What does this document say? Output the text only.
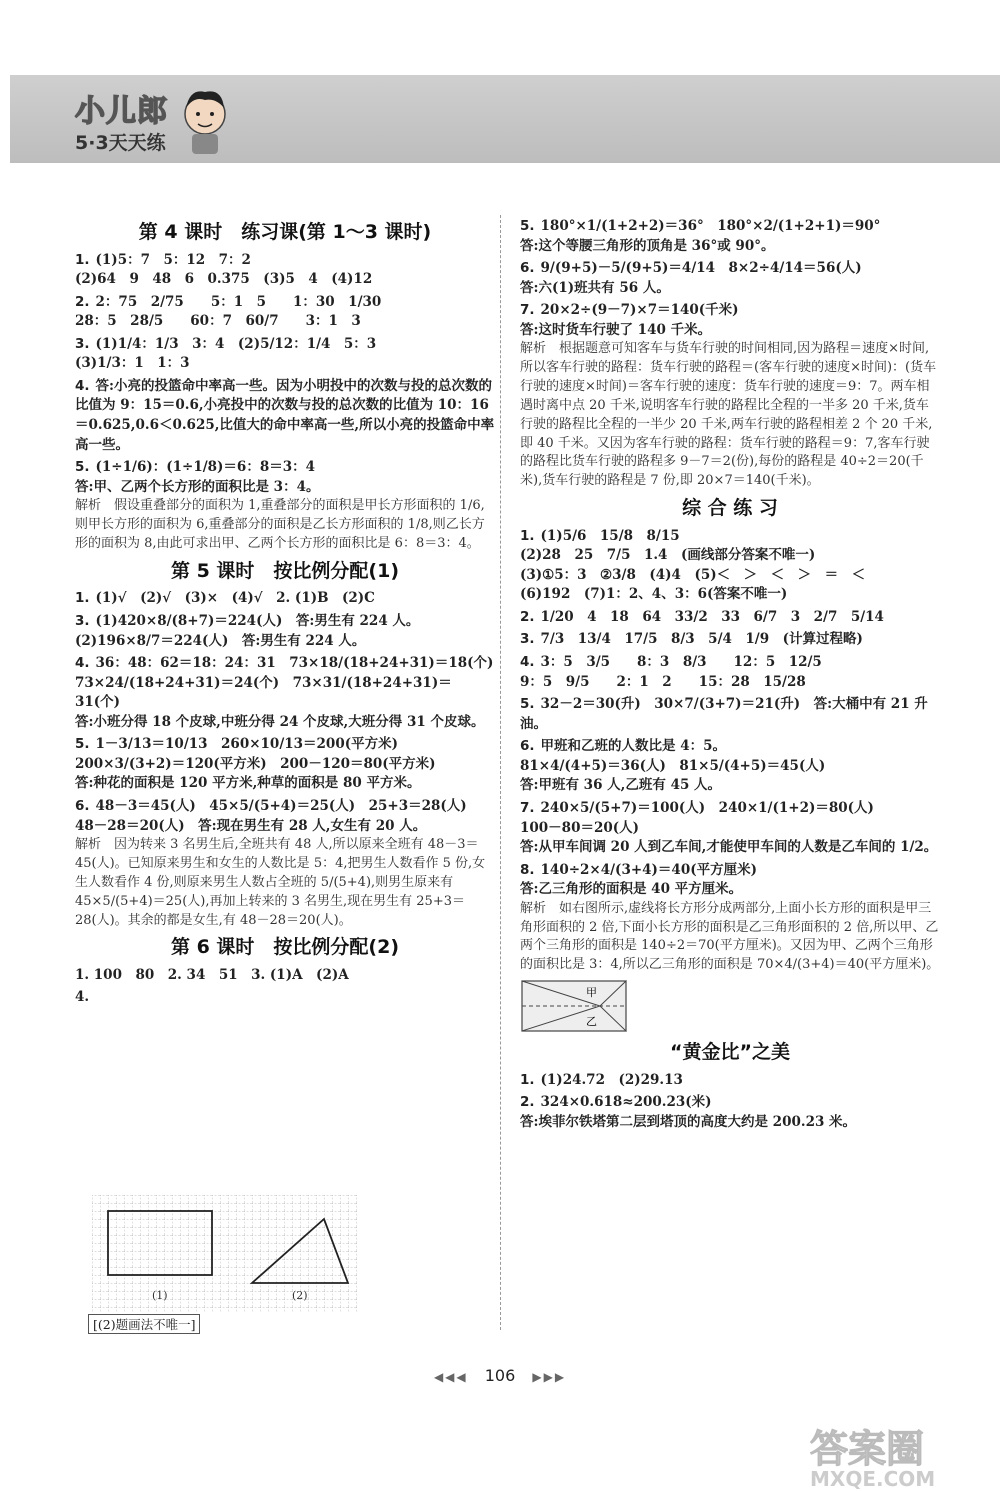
小儿郎
5·3天天练
第 4 课时　练习课(第 1～3 课时)
1. (1)5：7　5：12　7：2
(2)64　9　48　6　0.375　(3)5　4　(4)12
2. 2：75　2/75　　5：1　5　　1：30　1/30
28：5　28/5　　60：7　60/7　　3：1　3
3. (1)1/4：1/3　3：4　(2)5/12：1/4　5：3
(3)1/3：1　1：3
4. 答:小亮的投篮命中率高一些。因为小明投中的次数与投的总次数的比值为 9：15＝0.6,小亮投中的次数与投的总次数的比值为 10：16＝0.625,0.6＜0.625,比值大的命中率高一些,所以小亮的投篮命中率高一些。
5. (1÷1/6)：(1÷1/8)＝6：8＝3：4
答:甲、乙两个长方形的面积比是 3：4。
解析　假设重叠部分的面积为 1,重叠部分的面积是甲长方形面积的 1/6,则甲长方形的面积为 6,重叠部分的面积是乙长方形面积的 1/8,则乙长方形的面积为 8,由此可求出甲、乙两个长方形的面积比是 6：8＝3：4。
第 5 课时　按比例分配(1)
1. (1)√　(2)√　(3)×　(4)√　2. (1)B　(2)C
3. (1)420×8/(8+7)＝224(人)　答:男生有 224 人。
(2)196×8/7＝224(人)　答:男生有 224 人。
4. 36：48：62＝18：24：31　73×18/(18+24+31)＝18(个)
73×24/(18+24+31)＝24(个)　73×31/(18+24+31)＝31(个)
答:小班分得 18 个皮球,中班分得 24 个皮球,大班分得 31 个皮球。
5. 1－3/13＝10/13　260×10/13＝200(平方米)
200×3/(3+2)＝120(平方米)　200－120＝80(平方米)
答:种花的面积是 120 平方米,种草的面积是 80 平方米。
6. 48－3＝45(人)　45×5/(5+4)＝25(人)　25+3＝28(人)
48－28＝20(人)　答:现在男生有 28 人,女生有 20 人。
解析　因为转来 3 名男生后,全班共有 48 人,所以原来全班有 48－3＝45(人)。已知原来男生和女生的人数比是 5：4,把男生人数看作 5 份,女生人数看作 4 份,则原来男生人数占全班的 5/(5+4),则男生原来有 45×5/(5+4)＝25(人),再加上转来的 3 名男生,现在男生有 25+3＝28(人)。其余的都是女生,有 48－28＝20(人)。
第 6 课时　按比例分配(2)
1. 100　80　2. 34　51　3. (1)A　(2)A
4.
(1)	(2)
[(2)题画法不唯一]
5. 180°×1/(1+2+2)＝36°　180°×2/(1+2+1)＝90°
答:这个等腰三角形的顶角是 36°或 90°。
6. 9/(9+5)－5/(9+5)＝4/14　8×2÷4/14＝56(人)
答:六(1)班共有 56 人。
7. 20×2÷(9－7)×7＝140(千米)
答:这时货车行驶了 140 千米。
解析　根据题意可知客车与货车行驶的时间相同,因为路程＝速度×时间,所以客车行驶的路程：货车行驶的路程＝(客车行驶的速度×时间)：(货车行驶的速度×时间)＝客车行驶的速度：货车行驶的速度＝9：7。两车相遇时离中点 20 千米,说明客车行驶的路程比全程的一半多 20 千米,货车行驶的路程比全程的一半少 20 千米,两车行驶的路程相差 2 个 20 千米,即 40 千米。又因为客车行驶的路程：货车行驶的路程＝9：7,客车行驶的路程比货车行驶的路程多 9－7＝2(份),每份的路程是 40÷2＝20(千米),货车行驶的路程是 7 份,即 20×7＝140(千米)。
综 合 练 习
1. (1)5/6　15/8　8/15
(2)28　25　7/5　1.4　(画线部分答案不唯一)
(3)①5：3　②3/8　(4)4　(5)＜　＞　＜　＞　＝　＜
(6)192　(7)1：2、4、3：6(答案不唯一)
2. 1/20　4　18　64　33/2　33　6/7　3　2/7　5/14
3. 7/3　13/4　17/5　8/3　5/4　1/9　(计算过程略)
4. 3：5　3/5　　8：3　8/3　　12：5　12/5
9：5　9/5　　2：1　2　　15：28　15/28
5. 32－2＝30(升)　30×7/(3+7)＝21(升)　答:大桶中有 21 升油。
6. 甲班和乙班的人数比是 4：5。
81×4/(4+5)＝36(人)　81×5/(4+5)＝45(人)
答:甲班有 36 人,乙班有 45 人。
7. 240×5/(5+7)＝100(人)　240×1/(1+2)＝80(人)
100－80＝20(人)
答:从甲车间调 20 人到乙车间,才能使甲车间的人数是乙车间的 1/2。
8. 140÷2×4/(3+4)＝40(平方厘米)
答:乙三角形的面积是 40 平方厘米。
解析　如右图所示,虚线将长方形分成两部分,上面小长方形的面积是甲三角形面积的 2 倍,下面小长方形的面积是乙三角形面积的 2 倍,所以甲、乙两个三角形的面积是 140÷2＝70(平方厘米)。又因为甲、乙两个三角形的面积比是 3：4,所以乙三角形的面积是 70×4/(3+4)＝40(平方厘米)。
甲
乙
“黄金比”之美
1. (1)24.72　(2)29.13
2. 324×0.618≈200.23(米)
答:埃菲尔铁塔第二层到塔顶的高度大约是 200.23 米。
◀◀◀ 106 ▶▶▶
答案圈
MXQE.COM
